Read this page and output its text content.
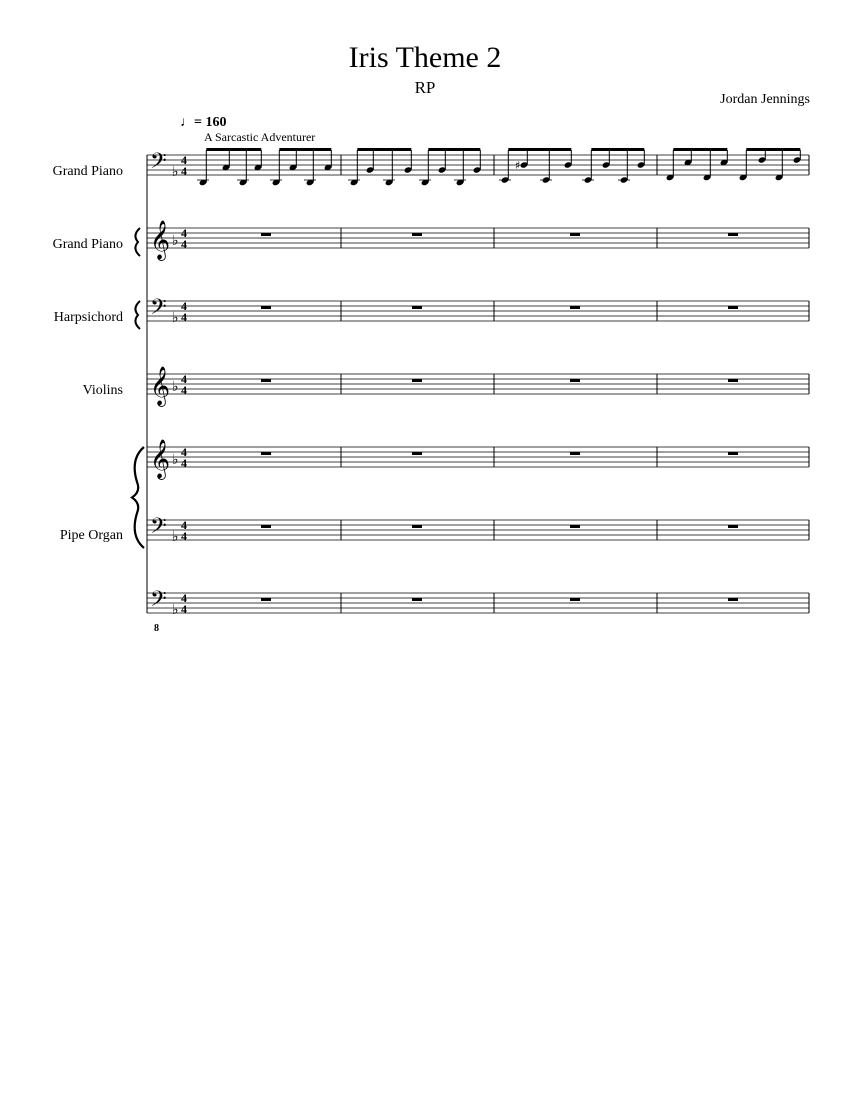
Iris Theme 2
RP
Jordan Jennings
♩= 160
A Sarcastic Adventurer
Grand Piano
Grand Piano
Harpsichord
Violins
Pipe Organ
𝄢 ♭
4
4
𝄞 ♭ 4
4
𝄢 ♭
4
4
𝄞 ♭ 4
4
𝄞 ♭ 4
4
𝄢 ♭
4
4
𝄢 ♭
4
4
♯
8
